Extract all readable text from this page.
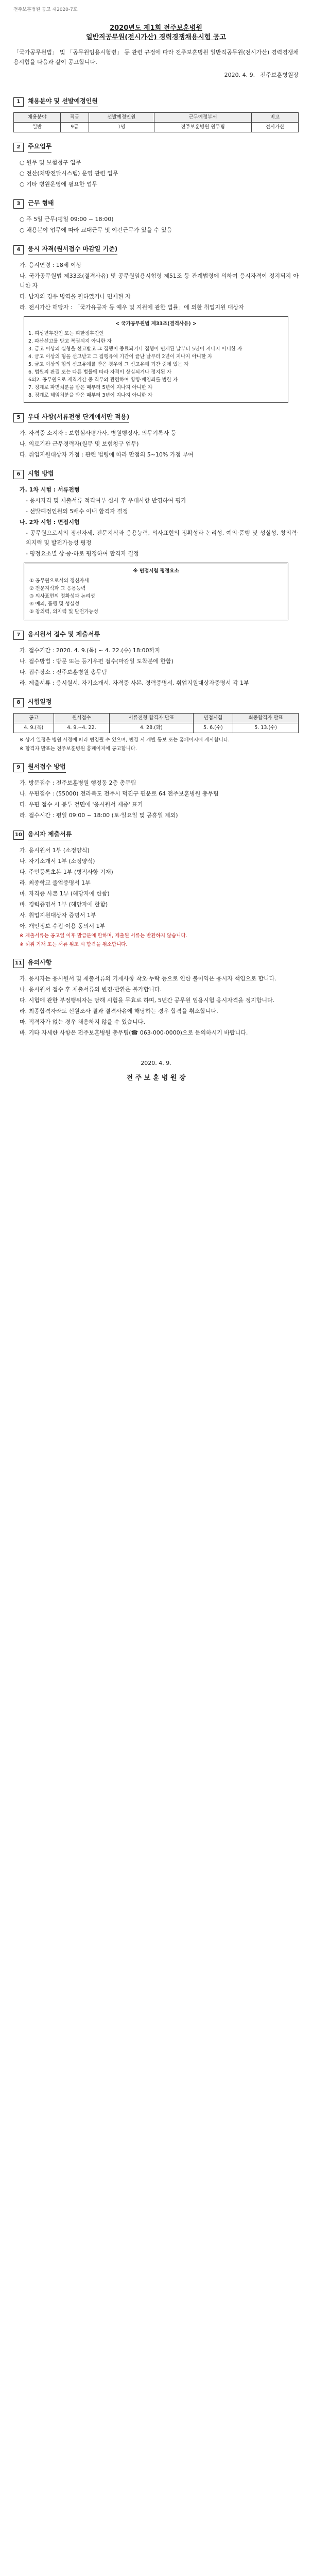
전주보훈병원 공고 제2020-7호
2020년도 제1회 전주보훈병원
일반직공무원(전시가산) 경력경쟁채용시험 공고
「국가공무원법」 및 「공무원임용시험령」 등 관련 규정에 따라 전주보훈병원 일반직공무원(전시가산) 경력경쟁채용시험을 다음과 같이 공고합니다.
2020. 4. 9. 전주보훈병원장
1	채용분야 및 선발예정인원
채용분야	직급	선발예정인원	근무예정부서	비고
일반	9급	1명	전주보훈병원 원무팀	전시가산
2	주요업무
○ 원무 및 보험청구 업무
○ 전산(처방전달시스템) 운영 관련 업무
○ 기타 병원운영에 필요한 업무
3	근무 형태
○ 주 5일 근무(평일 09:00 ~ 18:00)
○ 채용분야 업무에 따라 교대근무 및 야간근무가 있을 수 있음
4	응시 자격(원서접수 마감일 기준)
가. 응시연령 : 18세 이상
나. 국가공무원법 제33조(결격사유) 및 공무원임용시험령 제51조 등 관계법령에 의하여 응시자격이 정지되지 아니한 자
다. 남자의 경우 병역을 필하였거나 면제된 자
라. 전시가산 해당자 : 「국가유공자 등 예우 및 지원에 관한 법률」에 의한 취업지원 대상자
< 국가공무원법 제33조(결격사유) >
1. 피성년후견인 또는 피한정후견인
2. 파산선고를 받고 복권되지 아니한 자
3. 금고 이상의 실형을 선고받고 그 집행이 종료되거나 집행이 면제된 날부터 5년이 지나지 아니한 자
4. 금고 이상의 형을 선고받고 그 집행유예 기간이 끝난 날부터 2년이 지나지 아니한 자
5. 금고 이상의 형의 선고유예를 받은 경우에 그 선고유예 기간 중에 있는 자
6. 법원의 판결 또는 다른 법률에 따라 자격이 상실되거나 정지된 자
6의2. 공무원으로 재직기간 중 직무와 관련하여 횡령·배임죄를 범한 자
7. 징계로 파면처분을 받은 때부터 5년이 지나지 아니한 자
8. 징계로 해임처분을 받은 때부터 3년이 지나지 아니한 자
5	우대 사항(서류전형 단계에서만 적용)
가. 자격증 소지자 : 보험심사평가사, 병원행정사, 의무기록사 등
나. 의료기관 근무경력자(원무 및 보험청구 업무)
다. 취업지원대상자 가점 : 관련 법령에 따라 만점의 5~10% 가점 부여
6	시험 방법
가. 1차 시험 : 서류전형
- 응시자격 및 제출서류 적격여부 심사 후 우대사항 반영하여 평가
- 선발예정인원의 5배수 이내 합격자 결정
나. 2차 시험 : 면접시험
- 공무원으로서의 정신자세, 전문지식과 응용능력, 의사표현의 정확성과 논리성, 예의·품행 및 성실성, 창의력·의지력 및 발전가능성 평정
- 평정요소별 상·중·하로 평정하여 합격자 결정
※ 면접시험 평정요소
① 공무원으로서의 정신자세
② 전문지식과 그 응용능력
③ 의사표현의 정확성과 논리성
④ 예의, 품행 및 성실성
⑤ 창의력, 의지력 및 발전가능성
7	응시원서 접수 및 제출서류
가. 접수기간 : 2020. 4. 9.(목) ~ 4. 22.(수) 18:00까지
나. 접수방법 : 방문 또는 등기우편 접수(마감일 도착분에 한함)
다. 접수장소 : 전주보훈병원 총무팀
라. 제출서류 : 응시원서, 자기소개서, 자격증 사본, 경력증명서, 취업지원대상자증명서 각 1부
8	시험일정
공고	원서접수	서류전형 합격자 발표	면접시험	최종합격자 발표
4. 9.(목)	4. 9.~4. 22.	4. 28.(화)	5. 6.(수)	5. 13.(수)
※ 상기 일정은 병원 사정에 따라 변경될 수 있으며, 변경 시 개별 통보 또는 홈페이지에 게시합니다.
※ 합격자 발표는 전주보훈병원 홈페이지에 공고합니다.
9	원서접수 방법
가. 방문접수 : 전주보훈병원 행정동 2층 총무팀
나. 우편접수 : (55000) 전라북도 전주시 덕진구 편운로 64 전주보훈병원 총무팀
다. 우편 접수 시 봉투 겉면에 '응시원서 재중' 표기
라. 접수시간 : 평일 09:00 ~ 18:00 (토·일요일 및 공휴일 제외)
10 응시자 제출서류
가. 응시원서 1부 (소정양식)
나. 자기소개서 1부 (소정양식)
다. 주민등록초본 1부 (병적사항 기재)
라. 최종학교 졸업증명서 1부
마. 자격증 사본 1부 (해당자에 한함)
바. 경력증명서 1부 (해당자에 한함)
사. 취업지원대상자 증명서 1부
아. 개인정보 수집·이용 동의서 1부
※ 제출서류는 공고일 이후 발급분에 한하며, 제출된 서류는 반환하지 않습니다.
※ 허위 기재 또는 서류 위조 시 합격을 취소합니다.
11 유의사항
가. 응시자는 응시원서 및 제출서류의 기재사항 착오·누락 등으로 인한 불이익은 응시자 책임으로 합니다.
나. 응시원서 접수 후 제출서류의 변경·반환은 불가합니다.
다. 시험에 관한 부정행위자는 당해 시험을 무효로 하며, 5년간 공무원 임용시험 응시자격을 정지합니다.
라. 최종합격자라도 신원조사 결과 결격사유에 해당하는 경우 합격을 취소합니다.
마. 적격자가 없는 경우 채용하지 않을 수 있습니다.
바. 기타 자세한 사항은 전주보훈병원 총무팀(☎ 063-000-0000)으로 문의하시기 바랍니다.
2020. 4. 9.
전 주 보 훈 병 원 장
